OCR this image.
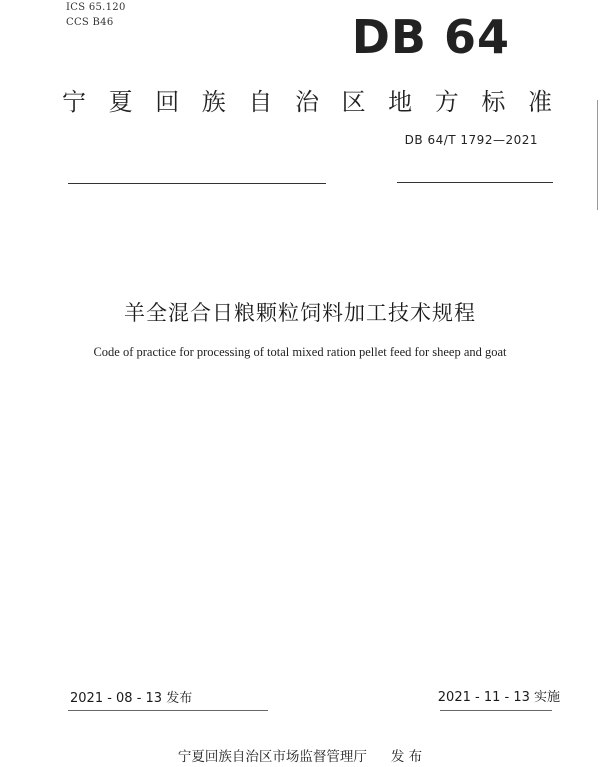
ICS 65.120
CCS B46	DB 64
宁 夏 回 族 自 治 区 地 方 标 准
DB 64/T 1792—2021
羊全混合日粮颗粒饲料加工技术规程
Code of practice for processing of total mixed ration pellet feed for sheep and goat
2021 - 08 - 13 发布	2021 - 11 - 13 实施
宁夏回族自治区市场监督管理厅 发 布
